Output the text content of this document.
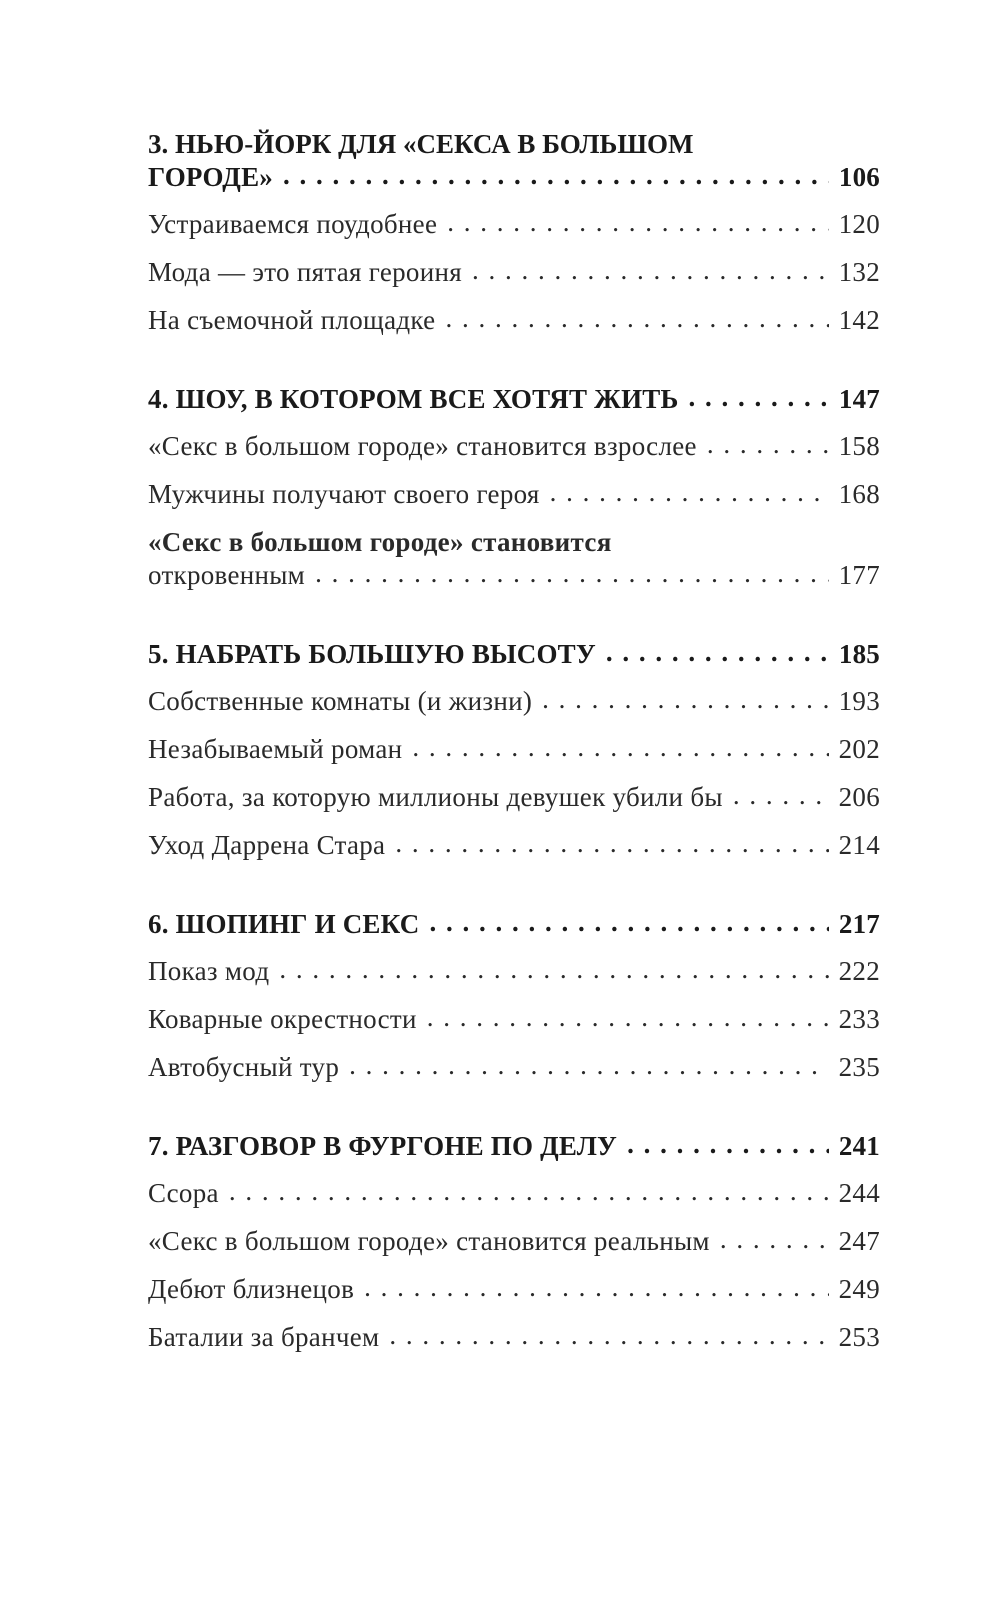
3. НЬЮ-ЙОРК ДЛЯ «СЕКСА В БОЛЬШОМ
ГОРОДЕ» . . .	106
Устраиваемся поудобнее . . .	120
Мода — это пятая героиня . . .	132
На съемочной площадке . . .	142
4. ШОУ, В КОТОРОМ ВСЕ ХОТЯТ ЖИТЬ . . .	147
«Секс в большом городе» становится взрослее . . .	158
Мужчины получают своего героя . . .	168
«Секс в большом городе» становится
откровенным . . .	177
5. НАБРАТЬ БОЛЬШУЮ ВЫСОТУ . . .	185
Собственные комнаты (и жизни) . . .	193
Незабываемый роман . . .	202
Работа, за которую миллионы девушек убили бы . . .	206
Уход Даррена Стара . . .	214
6. ШОПИНГ И СЕКС . . .	217
Показ мод . . .	222
Коварные окрестности . . .	233
Автобусный тур . . .	235
7. РАЗГОВОР В ФУРГОНЕ ПО ДЕЛУ . . .	241
Ссора . . .	244
«Секс в большом городе» становится реальным . . .	247
Дебют близнецов . . .	249
Баталии за бранчем . . .	253
